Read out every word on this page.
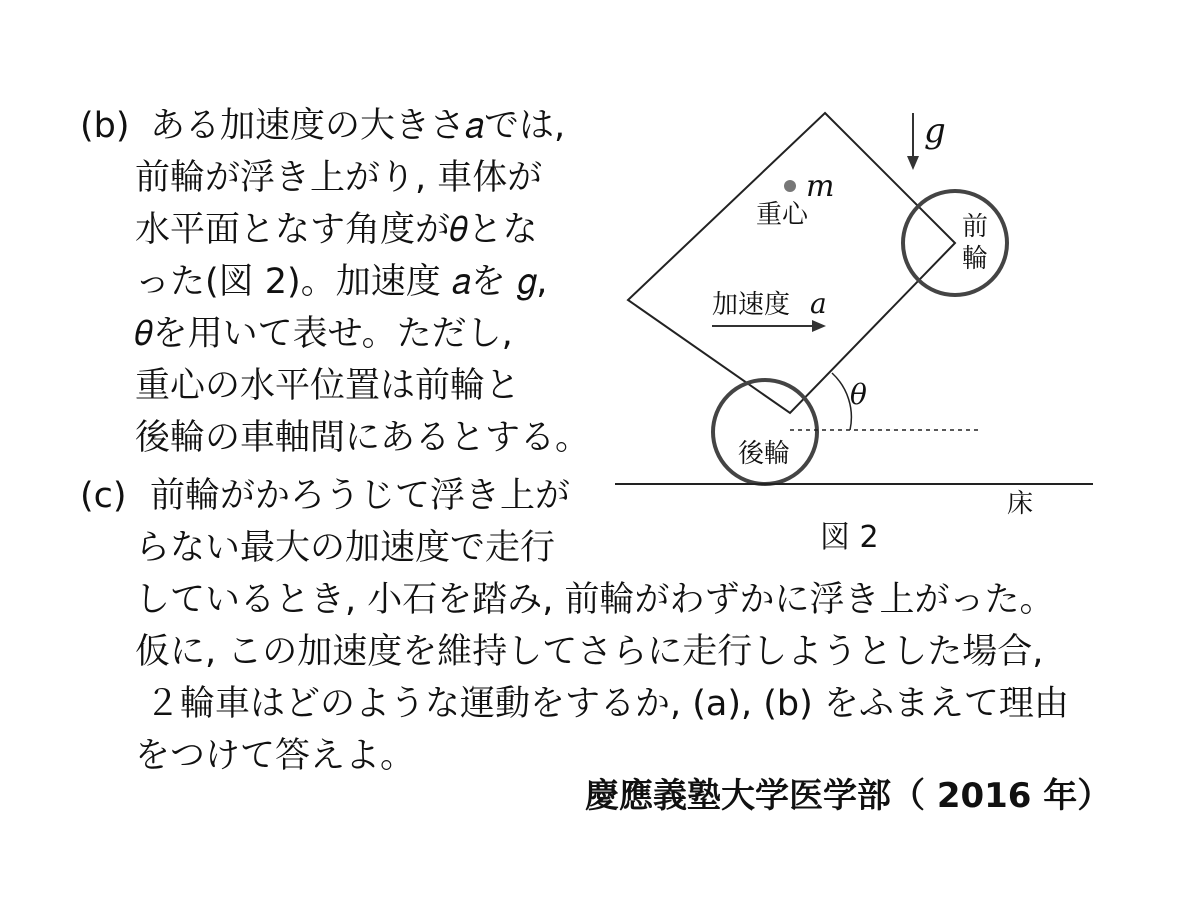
(b) ある加速度の大きさ𝑎では,
前輪が浮き上がり, 車体が
水平面となす角度が𝜃とな
った(図 2)。加速度 𝑎を 𝑔,
𝜃を用いて表せ。ただし,
重心の水平位置は前輪と
後輪の車軸間にあるとする。
(c) 前輪がかろうじて浮き上が
らない最大の加速度で走行
しているとき, 小石を踏み, 前輪がわずかに浮き上がった。
仮に, この加速度を維持してさらに走行しようとした場合,
２輪車はどのような運動をするか, (a), (b) をふまえて理由
をつけて答えよ。
g
m
重心	前
輪
加速度 a
θ
後輪
床
図 2
慶應義塾大学医学部（ 2016 年）
